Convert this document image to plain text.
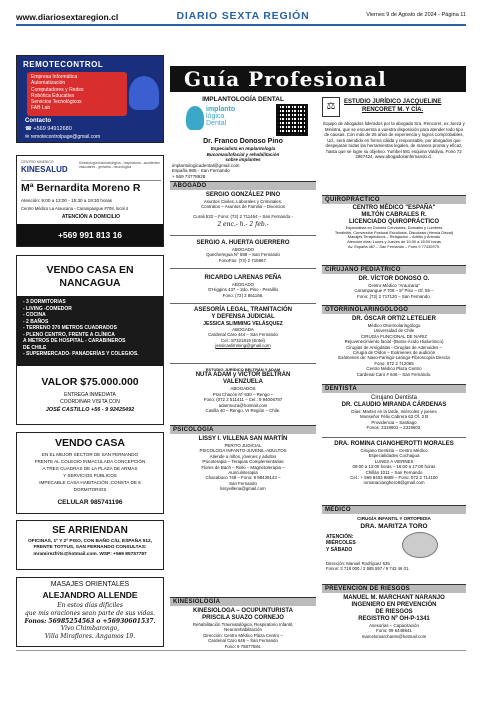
www.diariosextaregion.cl	DIARIO SEXTA REGIÓN	Viernes 9 de Agosto de 2024 - Página 11
REMOTECONTROL
Empresa Informática
Automatización
Computadores y Redes
Robótica Educativa
Servicios Tecnológicos
FAB Lab
Contacto
☎ +569 94912680
✉ remotecontrolpage@gmail.com
CENTRO KINESICO
KINESALUD
Kinesiología traumatológica - respiratoria - accidentes vasculares - geriatría - neurológica
Mª Bernardita Moreno R
Atención: 9:00 a 13:00 - 15:30 a 19:30 horas
Centro Médico La Araucana - Carampangue #708, local 4
ATENCIÓN A DOMICILIO
+569 991 813 16
VENDO CASA EN NANCAGUA
- 3 DORMITORIAS
- LIVING -COMEDOR
- COCINA
- 2 BAÑOS
- TERRENO 370 METROS CUADRADOS
- PLENO CENTRO, FRENTE A CLÍNICA
A METROS DE HOSPITAL - CARABINEROS
DE CHILE
- SUPERMERCADO- PANADERÍAS Y COLEGIOS.
VALOR $75.000.000
ENTREGA INMEDIATA
COORDINAR VISITA CON
JOSÉ CASTILLO +56 - 9 92425492
VENDO CASA
EN EL MEJOR SECTOR DE SAN FERNANDO
FRENTE AL COLEGIO INMACULADA CONCEPCIÓN
A TRES CUADRAS DE LA PLAZA DE ARMAS
Y SERVICIOS PUBLICOS
IMPECABLE CASA HABITACIÓN ,CONSTA DE 6
DORMITORIOS
CELULAR 985741196
SE ARRIENDAN
OFICINAS, 1º Y 2º PISO, CON BAÑO C/U, ESPAÑA 512, FRENTE TOTTUS, SAN FERNANDO CONSULTAS: mramirezfrits@hotmail.com. WSP: +569 85757787
MASAJES ORIENTALES
ALEJANDRO ALLENDE
En estos días difíciles
que mis oraciones sean parte de sus vidas.
Fonos: 56985254563 o +56930601537.
Vivo Chimbarongo,
Villa Miraflores. Angamos 19.
Guía Profesional
IMPLANTOLOGÍA DENTAL
implanto
lógica
Dental
Dr. Franco Donoso Pino
Especialista en Implantología
Bucomaxilofacial y rehabilitación
sobre implantes
implantologicadental@gmail.com
España 985 - San Fernando
+ 569 74778928
ABOGADO
SERGIO GONZÁLEZ PINO
Asuntos Civiles, Laborales y Criminales.
Contratos – Asuntos de Familia – Divorcios
Curali 532 – Fono: (72) 2 711464 – San Fernando.-
2 enc.- h.- 2 feb.-
SERGIO A. HUERTA GUERRERO
ABOGADO
Quecheregua Nº 688 – San Fernando
FonoFax: (72) 2 715967.
RICARDO LARENAS PEÑA
ABOGADO
O'Higgins 437 – 2do. Piso - Peralillo
Fono: (72) 2 861168.
ASESORÍA LEGAL, TRAMITACIÓN
Y DEFENSA JUDICIAL
JESSICA SLIMMING VELÁSQUEZ
ABOGADA
Cardenal Caro 444 – San Fernando
Cel.: 87321819 (Entel)
jessicaslimming@gmail.com
ESTUDIO JURÍDICO BELTRÁN Y ADAM
NUTA ADAM y VÍCTOR BELTRÁN
VALENZUELA
ABOGADOS
Prat Chacón Nº 930 – Rengo –
Fono: (072 2 511411 – Cel.: 9 94006787
adamnuza@hotmail.com
Casilla 40 – Rengo. VI Región – Chile.
PSICOLOGÍA
LISSY I. VILLENA SAN MARTÍN
PERITO JUDICIAL
PSICOLOGA INFANTO-JUVENIL-ADULTOS
Atiende a niños, jóvenes y adultos
Psicoterapia – Terapias Complementarias
Flores de Bach – Reiki – Magnetoterapia –
Auriculoterapia
Chacabuco 748 – Fono: 9 98439143 –
San Fernando
lissyvillena@gmail.com
KINESIOLOGÍA
KINESIOLOGA – OCUPUNTURISTA
PRISCILA SUAZO CORNEJO
Rehabilitación Traumatológica, Respiratorio Infantil,
Neurorehabilitación
Dirección: Centro Médico Plaza Centro –
Cardenal Caro 646 – San Fernando
Fono: 9 75877584.
⚖	ESTUDIO JURÍDICO JACQUELINE
RENCORET M. Y CÍA.
Equipo de abogados liderados por la abogada Sra. Rencoret, ex Jueza y Ministra, que se encuentra a vuestra disposición para atender todo tipo de causas. Con más de 25 años de experiencia y logros comprobables, Ud., será atendido en forma cálida y responsable, por abogados que despejaran todas las herramientas legales, de manera pronta y eficaz, hasta que se logre su objetivo. Yumbel 581 esquina Valdivia. Fono 72 2967424. www.abogadosanfernando.cl.
QUIROPRÁCTICO
CENTRO MÉDICO "ESPAÑA"
MILTÓN CABRALES R.
LICENCIADO QUIROPRÁCTICO
Especialista en Dolores Cervicales, Dorsales y Lumbres
Tendinitis, Conversión Postural Escoliosis, Disociasis (Hernia Discal)
Masajes Terapéuticos – Relajación – Artritis y Artrosis
Atención días: Lunes y Jueves de 10:00 a 18:00 horas
Av. España 467 – San Fernando – Fono 9 77432979.
CIRUJANO PEDIÁTRICO
DR. VÍCTOR DONOSO O.
Centro Médico "Araucaria"
Carampangue # 708 – 5º Piso – Of. 56 –
Fono: (72) 2 717120 – San Fernando.
OTORRINOLARINGÓLOGO
DR. ÓSCAR ORTIZ LETELIER
Médico Otorrinolaringólogo
Universidad de Chile
CIRUGÍA FUNCIONAL DE NARIZ
Rejuvenecimiento facial -(Botox-Ácido Hialurónico)
Cirugías de Amígdalas - Cirugías de Adenoides –
Cirugía de Oídos – Exámenes de audición
Exámenes de: Naso-Faringo-Laringo-Fibroscopía Directa
Fono: 072 2 712065
Centro Médico Plaza Centro
Cardenal Caro # 646 – San Fernando.
DENTISTA
Cirujano Dentista
DR. CLAUDIO MIRANDA CÁRDENAS
Días: Martes en la tarde, miércoles y jueves
Monseñor Félix Cabrera 62 Of. 3 B
Providencia – Santiago
Fonos: 2319601 – 2319603.
DRA. ROMINA CIANGHEROTTI MORALES
Cirujano Dentista – Centro Médico
Especialidades Cochagua
LUNES A VIERNES
09:00 a 13:00 horas – 16:00 a 17:00 horas
Chillán 1011 – San Fernando
Cel.: + 569 9403 9888 – Fono: 072 2 714100
romanacianghero8@gmail.com
MÉDICO
CIRUGÍA INFANTIL Y ORTOPEDIA
DRA. MARITZA TORO
ATENCIÓN:
MIÉRCOLES
Y SÁBADO
Dirección: Manuel Rodríguez 525
Fonos: 2 718 000 / 2 585 597 / 9 742 46 01.
PREVENCIÓN DE RIESGOS
MANUEL M. MARCHANT NARANJO
INGENIERO EN PREVENCIÓN
DE RIESGOS
REGISTRO Nº OH-P-1341
Asesorías – Capacitación
Fono: 09 6448841
marcelomarchantn@hotmail.com
